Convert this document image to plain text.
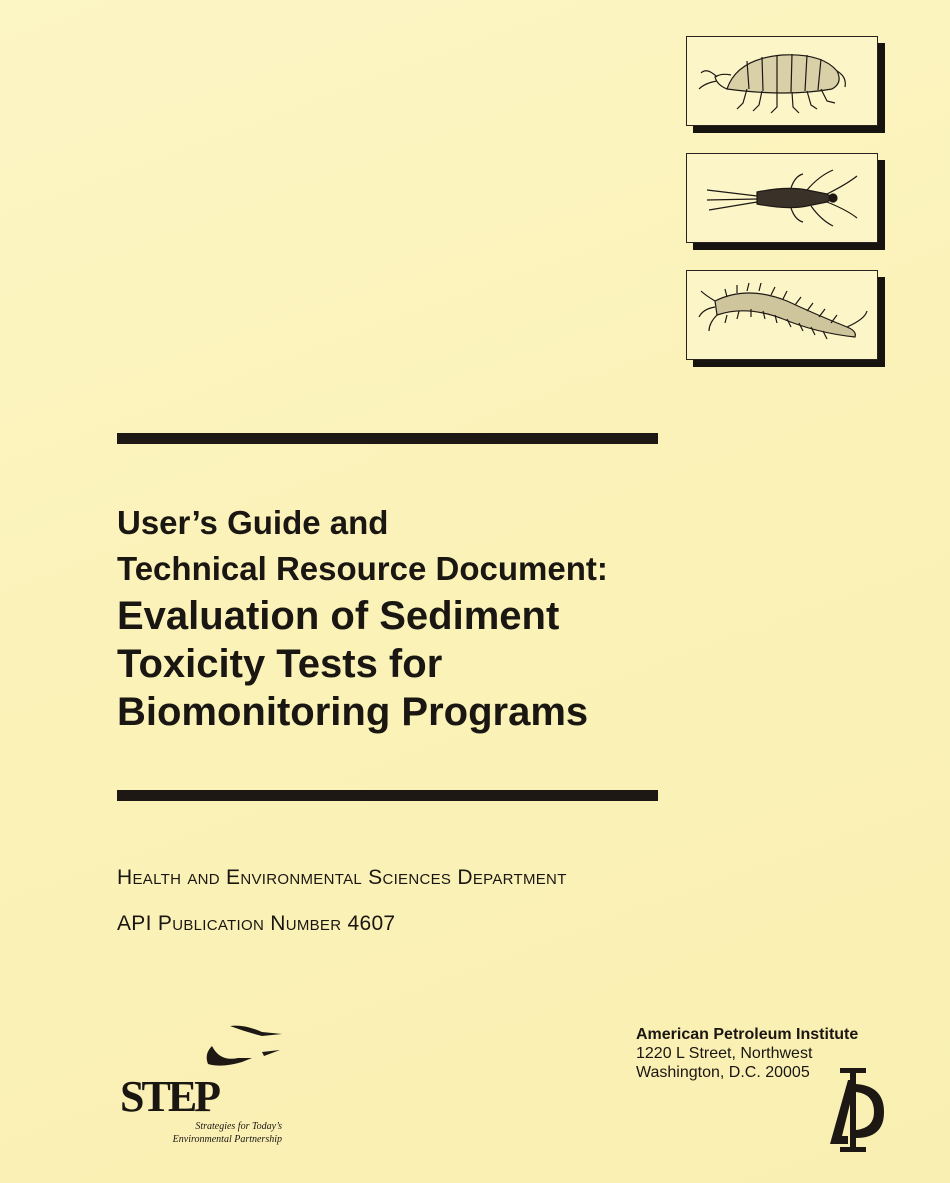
User’s Guide and

Technical Resource Document:

Evaluation of Sediment

Toxicity Tests for

Biomonitoring Programs

Health and Environmental Sciences Department
API Publication Number 4607
STEP
Strategies for Today’s
Environmental Partnership
American Petroleum Institute
1220 L Street, Northwest
Washington, D.C. 20005
